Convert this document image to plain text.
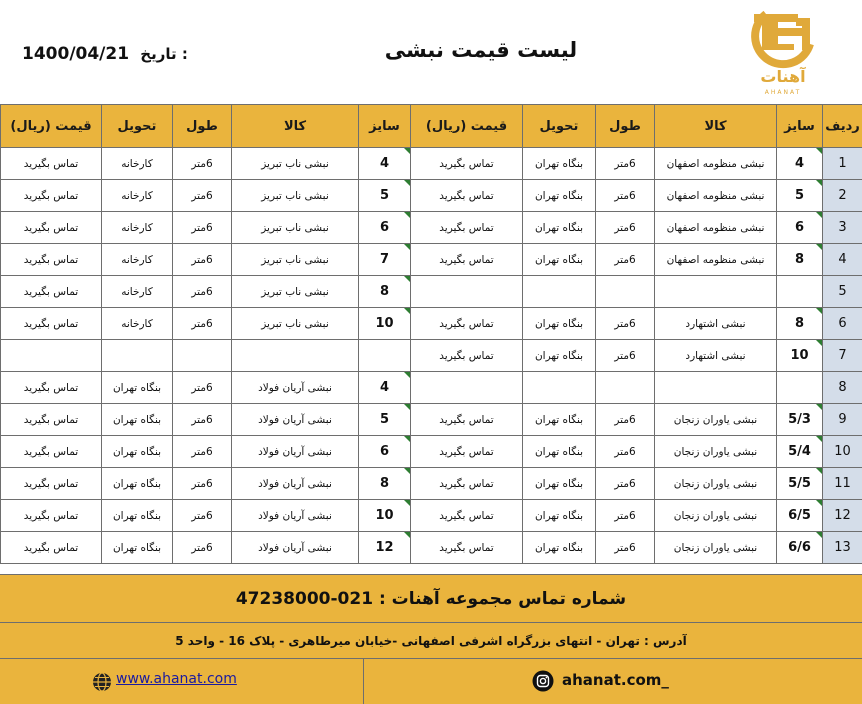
1400/04/21 تاریخ :	لیست قیمت نبشی
آهنات
AHANAT
ردیف	سایز	کالا	طول	تحویل	قیمت (ریال)	سایز	کالا	طول	تحویل	قیمت (ریال)
1	4	نبشی منظومه اصفهان	6متر	بنگاه تهران	تماس بگیرید	4	نبشی ناب تبریز	6متر	کارخانه	تماس بگیرید
2	5	نبشی منظومه اصفهان	6متر	بنگاه تهران	تماس بگیرید	5	نبشی ناب تبریز	6متر	کارخانه	تماس بگیرید
3	6	نبشی منظومه اصفهان	6متر	بنگاه تهران	تماس بگیرید	6	نبشی ناب تبریز	6متر	کارخانه	تماس بگیرید
4	8	نبشی منظومه اصفهان	6متر	بنگاه تهران	تماس بگیرید	7	نبشی ناب تبریز	6متر	کارخانه	تماس بگیرید
5						8	نبشی ناب تبریز	6متر	کارخانه	تماس بگیرید
6	8	نبشی اشتهارد	6متر	بنگاه تهران	تماس بگیرید	10	نبشی ناب تبریز	6متر	کارخانه	تماس بگیرید
7	10	نبشی اشتهارد	6متر	بنگاه تهران	تماس بگیرید					
8						4	نبشی آریان فولاد	6متر	بنگاه تهران	تماس بگیرید
9	5/3	نبشی یاوران زنجان	6متر	بنگاه تهران	تماس بگیرید	5	نبشی آریان فولاد	6متر	بنگاه تهران	تماس بگیرید
10	5/4	نبشی یاوران زنجان	6متر	بنگاه تهران	تماس بگیرید	6	نبشی آریان فولاد	6متر	بنگاه تهران	تماس بگیرید
11	5/5	نبشی یاوران زنجان	6متر	بنگاه تهران	تماس بگیرید	8	نبشی آریان فولاد	6متر	بنگاه تهران	تماس بگیرید
12	6/5	نبشی یاوران زنجان	6متر	بنگاه تهران	تماس بگیرید	10	نبشی آریان فولاد	6متر	بنگاه تهران	تماس بگیرید
13	6/6	نبشی یاوران زنجان	6متر	بنگاه تهران	تماس بگیرید	12	نبشی آریان فولاد	6متر	بنگاه تهران	تماس بگیرید
شماره تماس مجموعه آهنات : 021-47238000
آدرس : تهران - انتهای بزرگراه اشرفی اصفهانی -خیابان میرطاهری - پلاک 16 - واحد 5
www.ahanat.com	ahanat.com_
